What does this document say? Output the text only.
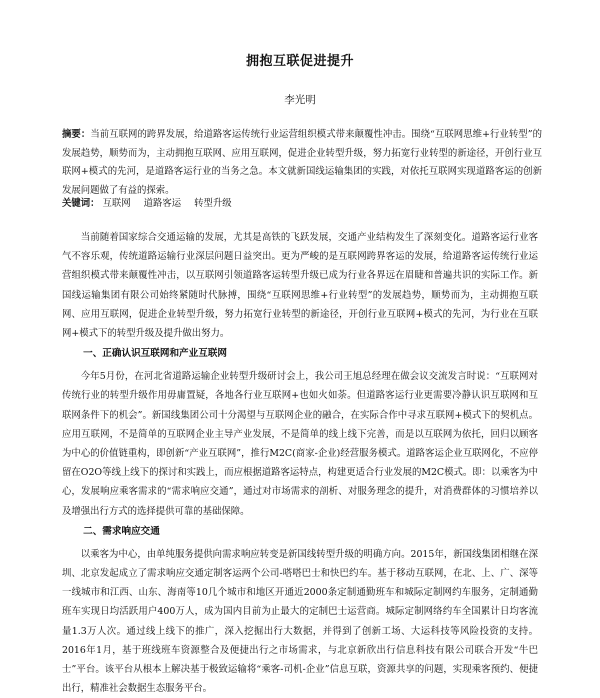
拥抱互联促进提升
李光明
摘要：当前互联网的跨界发展，给道路客运传统行业运营组织模式带来颠覆性冲击。围绕“互联网思维+行业转型”的发展趋势，顺势而为，主动拥抱互联网、应用互联网，促进企业转型升级，努力拓宽行业转型的新途径，开创行业互联网+模式的先河，是道路客运行业的当务之急。本文就新国线运输集团的实践，对依托互联网实现道路客运的创新发展问题做了有益的探索。
关键词： 互联网 道路客运 转型升级

当前随着国家综合交通运输的发展，尤其是高铁的飞跃发展，交通产业结构发生了深刻变化。道路客运行业客气不容乐观，传统道路运输行业深层问题日益突出。更为严峻的是互联网跨界客运的发展，给道路客运传统行业运营组织模式带来颠覆性冲击，以互联网引领道路客运转型升级已成为行业各界远在眉睫和普遍共识的实际工作。新国线运输集团有限公司始终紧随时代脉搏，围绕“互联网思维+行业转型”的发展趋势，顺势而为，主动拥抱互联网、应用互联网，促进企业转型升级，努力拓宽行业转型的新途径，开创行业互联网+模式的先河，为行业在互联网+模式下的转型升级及提升做出努力。

一、正确认识互联网和产业互联网

今年5月份，在河北省道路运输企业转型升级研讨会上，我公司王旭总经理在做会议交流发言时说：“互联网对传统行业的转型升级作用毋庸置疑，各地各行业互联网+也如火如荼。但道路客运行业更需要冷静认识互联网和互联网条件下的机会”。新国线集团公司十分渴望与互联网企业的融合，在实际合作中寻求互联网+模式下的契机点。应用互联网，不是简单的互联网企业主导产业发展，不是简单的线上线下完善，而是以互联网为依托，回归以顾客为中心的价值链重构，即创新“产业互联网”，推行M2C(商家-企业)经营服务模式。道路客运企业互联网化，不应停留在O2O等线上线下的探讨和实践上，而应根据道路客运特点，构建更适合行业发展的M2C模式。即：以乘客为中心，发展响应乘客需求的“需求响应交通”，通过对市场需求的剖析、对服务理念的提升，对消费群体的习惯培养以及增强出行方式的选择提供可靠的基础保障。

二、需求响应交通

以乘客为中心，由单纯服务提供向需求响应转变是新国线转型升级的明确方向。2015年，新国线集团相继在深圳、北京发起成立了需求响应交通定制客运两个公司-嗒嗒巴士和快巴约车。基于移动互联网，在北、上、广、深等一线城市和江西、山东、海南等10几个城市和地区开通近2000条定制通勤班车和城际定制网约车服务，定制通勤班车实现日均活跃用户400万人，成为国内目前为止最大的定制巴士运营商。城际定制网络约车全国累计日均客流量1.3万人次。通过线上线下的推广，深入挖掘出行大数据，并得到了创新工场、大运科技等风险投资的支持。2016年1月，基于班线班车资源整合及便捷出行之市场需求，与北京新欣出行信息科技有限公司联合开发“牛巴士”平台。该平台从根本上解决基于极致运输将“乘客-司机-企业”信息互联，资源共享的问题，实现乘客预约、便捷出行，精准社会数据生态服务平台。
